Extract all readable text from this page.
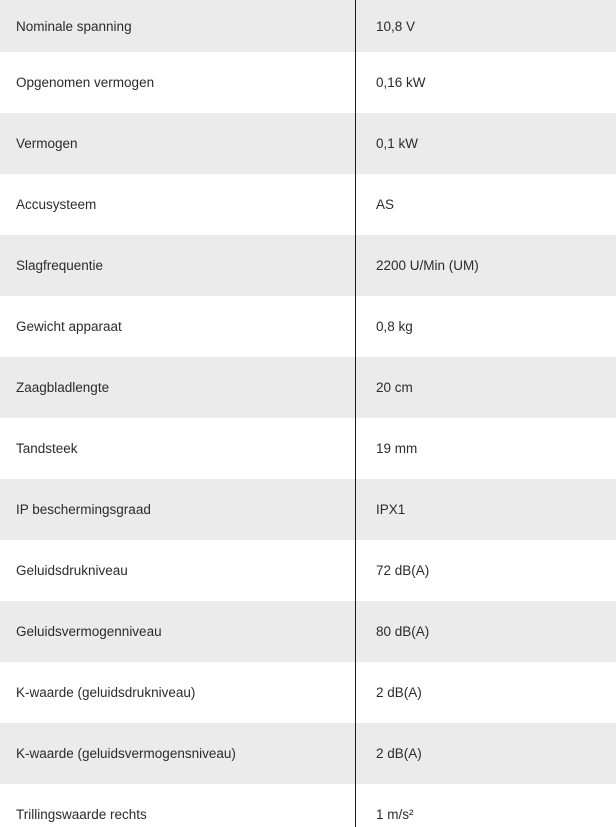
Nominale spanning	10,8 V
Opgenomen vermogen	0,16 kW
Vermogen	0,1 kW
Accusysteem	AS
Slagfrequentie	2200 U/Min (UM)
Gewicht apparaat	0,8 kg
Zaagbladlengte	20 cm
Tandsteek	19 mm
IP beschermingsgraad	IPX1
Geluidsdrukniveau	72 dB(A)
Geluidsvermogenniveau	80 dB(A)
K-waarde (geluidsdrukniveau)	2 dB(A)
K-waarde (geluidsvermogensniveau)	2 dB(A)
Trillingswaarde rechts	1 m/s²
